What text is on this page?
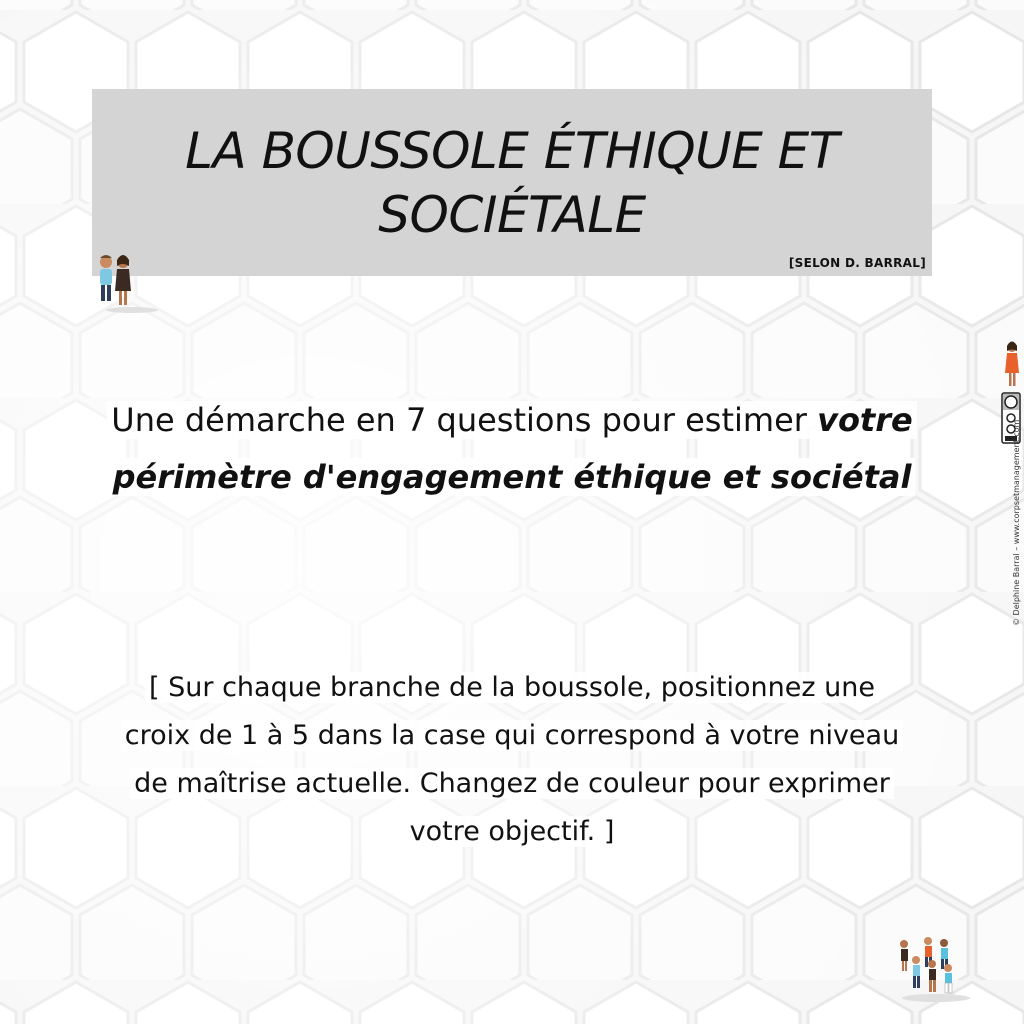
LA BOUSSOLE ÉTHIQUE ET SOCIÉTALE
[SELON D. BARRAL]
Une démarche en 7 questions pour estimer votre périmètre d'engagement éthique et sociétal
[ Sur chaque branche de la boussole, positionnez une croix de 1 à 5 dans la case qui correspond à votre niveau de maîtrise actuelle. Changez de couleur pour exprimer votre objectif. ]
© Delphine Barral – www.corpsetmanagement.com
